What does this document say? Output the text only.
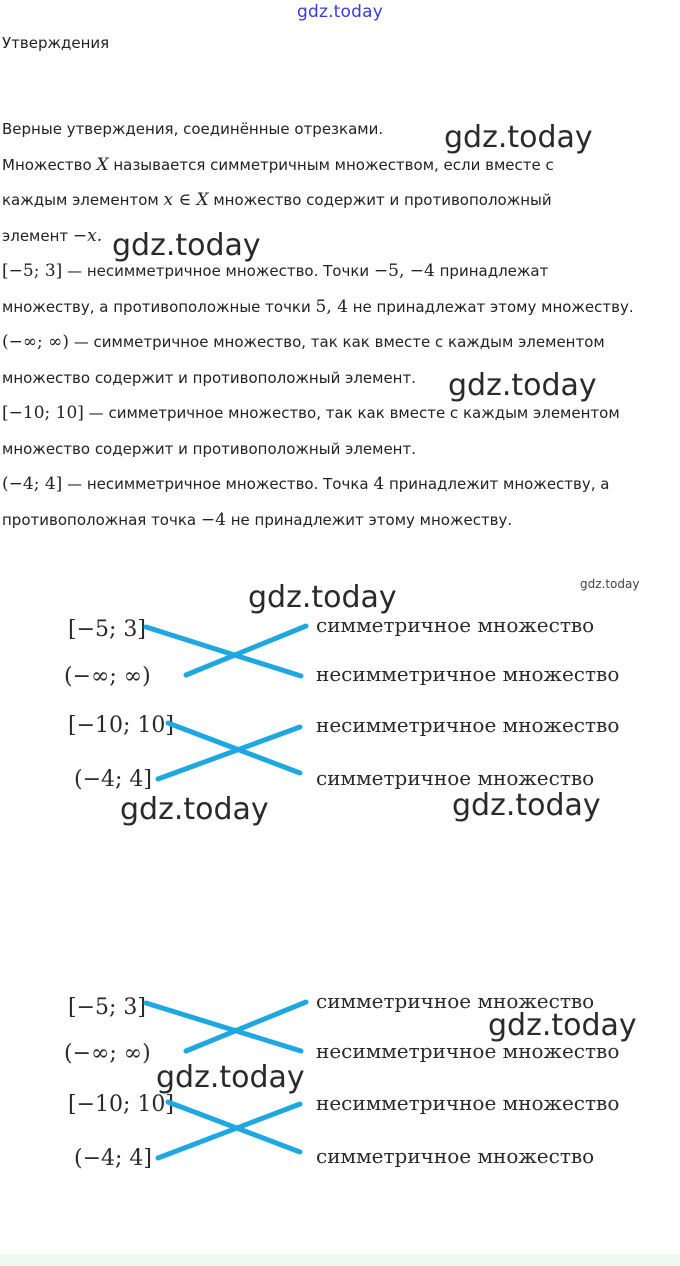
gdz.today
Утверждения

Верные утверждения, соединённые отрезками.

Множество X называется симметричным множеством, если вместе с

каждым элементом x ∈ X множество содержит и противоположный

элемент −x.

[−5; 3] — несимметричное множество. Точки −5, −4 принадлежат

множеству, а противоположные точки 5, 4 не принадлежат этому множеству.

(−∞; ∞) — симметричное множество, так как вместе с каждым элементом

множество содержит и противоположный элемент.

[−10; 10] — симметричное множество, так как вместе с каждым элементом

множество содержит и противоположный элемент.

(−4; 4] — несимметричное множество. Точка 4 принадлежит множеству, а

противоположная точка −4 не принадлежит этому множеству.

[−5; 3]
(−∞; ∞)
[−10; 10]
(−4; 4]
симметричное множество
несимметричное множество
несимметричное множество
симметричное множество
[−5; 3]
(−∞; ∞)
[−10; 10]
(−4; 4]
симметричное множество
несимметричное множество
несимметричное множество
симметричное множество
gdz.today
gdz.today
gdz.today
gdz.today
gdz.today
gdz.today	gdz.today
gdz.today
gdz.today
